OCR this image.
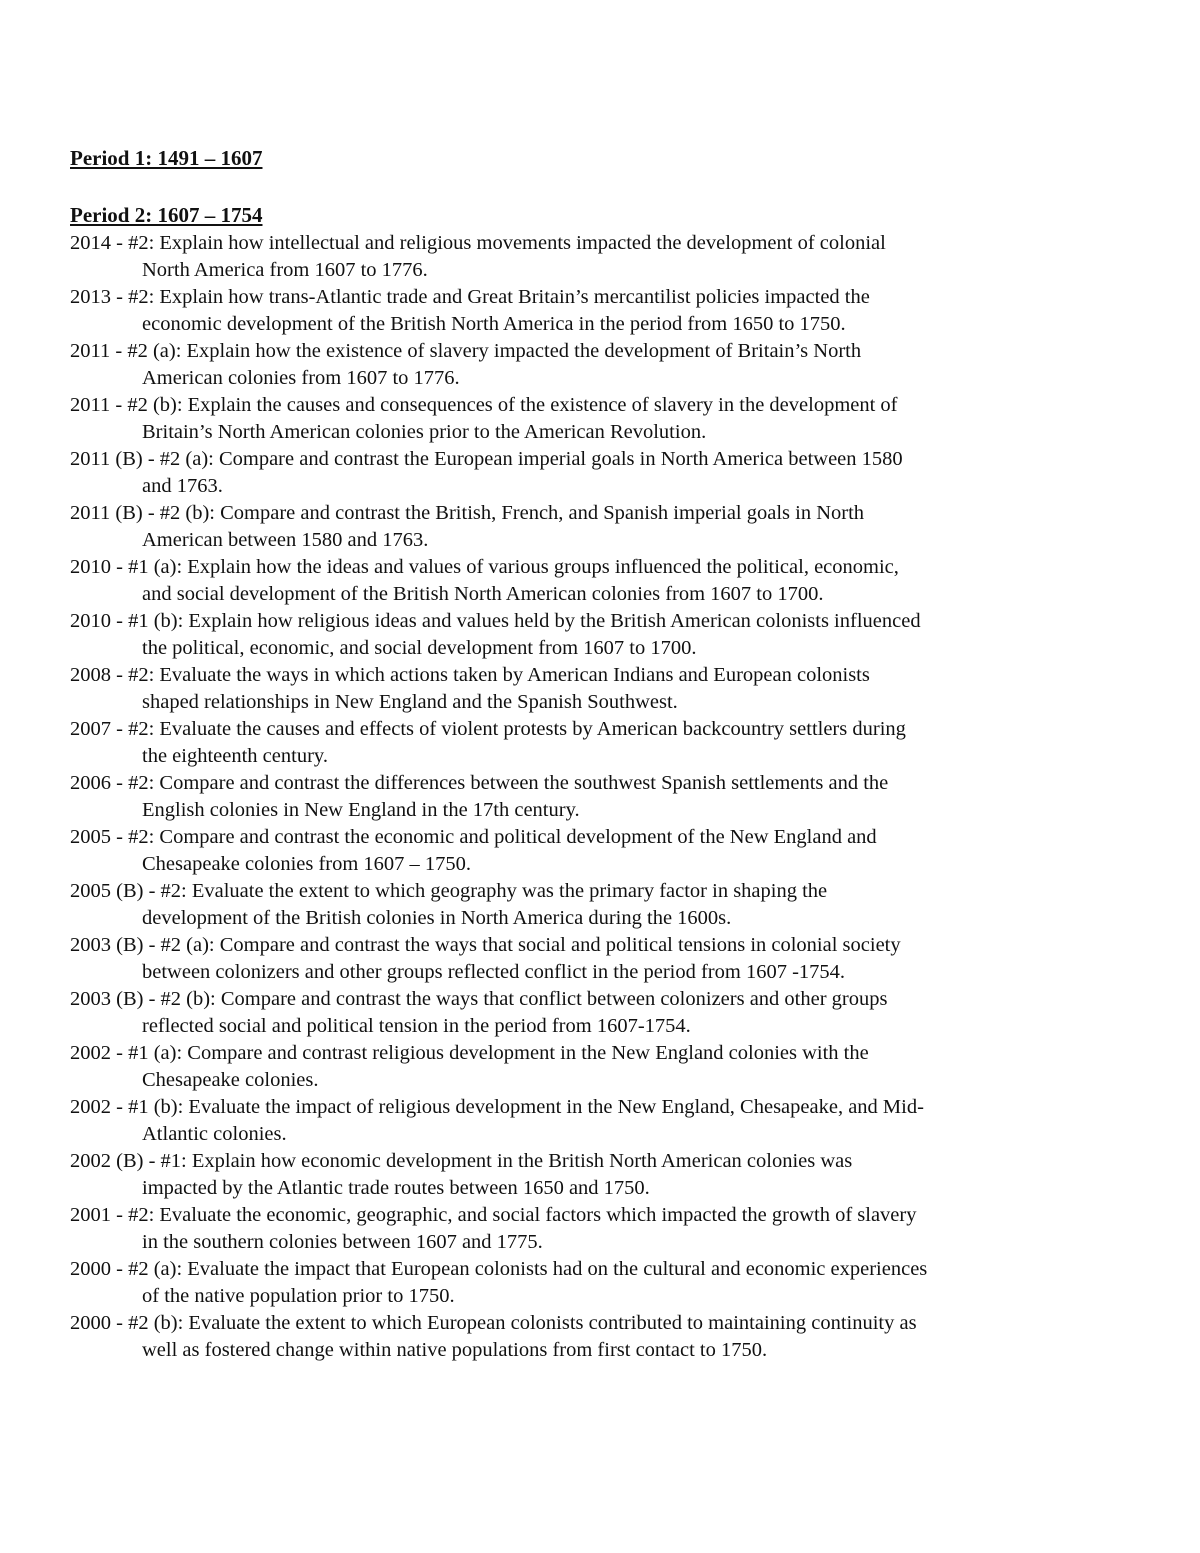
Period 1: 1491 – 1607
Period 2: 1607 – 1754
2014 - #2: Explain how intellectual and religious movements impacted the development of colonial
North America from 1607 to 1776.
2013 - #2: Explain how trans-Atlantic trade and Great Britain’s mercantilist policies impacted the
economic development of the British North America in the period from 1650 to 1750.
2011 - #2 (a): Explain how the existence of slavery impacted the development of Britain’s North
American colonies from 1607 to 1776.
2011 - #2 (b): Explain the causes and consequences of the existence of slavery in the development of
Britain’s North American colonies prior to the American Revolution.
2011 (B) - #2 (a): Compare and contrast the European imperial goals in North America between 1580
and 1763.
2011 (B) - #2 (b): Compare and contrast the British, French, and Spanish imperial goals in North
American between 1580 and 1763.
2010 - #1 (a): Explain how the ideas and values of various groups influenced the political, economic,
and social development of the British North American colonies from 1607 to 1700.
2010 - #1 (b): Explain how religious ideas and values held by the British American colonists influenced
the political, economic, and social development from 1607 to 1700.
2008 - #2: Evaluate the ways in which actions taken by American Indians and European colonists
shaped relationships in New England and the Spanish Southwest.
2007 - #2: Evaluate the causes and effects of violent protests by American backcountry settlers during
the eighteenth century.
2006 - #2: Compare and contrast the differences between the southwest Spanish settlements and the
English colonies in New England in the 17th century.
2005 - #2: Compare and contrast the economic and political development of the New England and
Chesapeake colonies from 1607 – 1750.
2005 (B) - #2: Evaluate the extent to which geography was the primary factor in shaping the
development of the British colonies in North America during the 1600s.
2003 (B) - #2 (a): Compare and contrast the ways that social and political tensions in colonial society
between colonizers and other groups reflected conflict in the period from 1607 -1754.
2003 (B) - #2 (b): Compare and contrast the ways that conflict between colonizers and other groups
reflected social and political tension in the period from 1607-1754.
2002 - #1 (a): Compare and contrast religious development in the New England colonies with the
Chesapeake colonies.
2002 - #1 (b): Evaluate the impact of religious development in the New England, Chesapeake, and Mid-
Atlantic colonies.
2002 (B) - #1: Explain how economic development in the British North American colonies was
impacted by the Atlantic trade routes between 1650 and 1750.
2001 - #2: Evaluate the economic, geographic, and social factors which impacted the growth of slavery
in the southern colonies between 1607 and 1775.
2000 - #2 (a): Evaluate the impact that European colonists had on the cultural and economic experiences
of the native population prior to 1750.
2000 - #2 (b): Evaluate the extent to which European colonists contributed to maintaining continuity as
well as fostered change within native populations from first contact to 1750.
